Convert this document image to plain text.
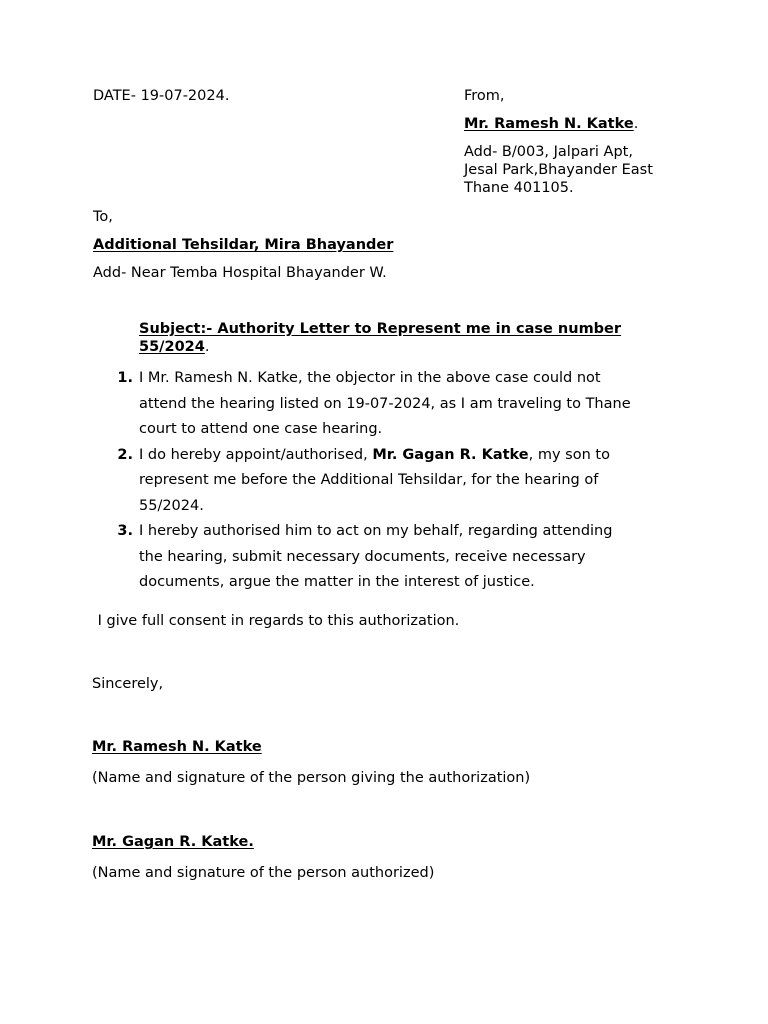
DATE- 19-07-2024.	From,
Mr. Ramesh N. Katke.
Add- B/003, Jalpari Apt,
Jesal Park,Bhayander East
Thane 401105.
To,
Additional Tehsildar, Mira Bhayander
Add- Near Temba Hospital Bhayander W.
Subject:- Authority Letter to Represent me in case number 55/2024.
1. I Mr. Ramesh N. Katke, the objector in the above case could not
attend the hearing listed on 19-07-2024, as I am traveling to Thane
court to attend one case hearing.
2. I do hereby appoint/authorised, Mr. Gagan R. Katke, my son to
represent me before the Additional Tehsildar, for the hearing of
55/2024.
3. I hereby authorised him to act on my behalf, regarding attending
the hearing, submit necessary documents, receive necessary
documents, argue the matter in the interest of justice.
I give full consent in regards to this authorization.
Sincerely,
Mr. Ramesh N. Katke
(Name and signature of the person giving the authorization)
Mr. Gagan R. Katke.
(Name and signature of the person authorized)
